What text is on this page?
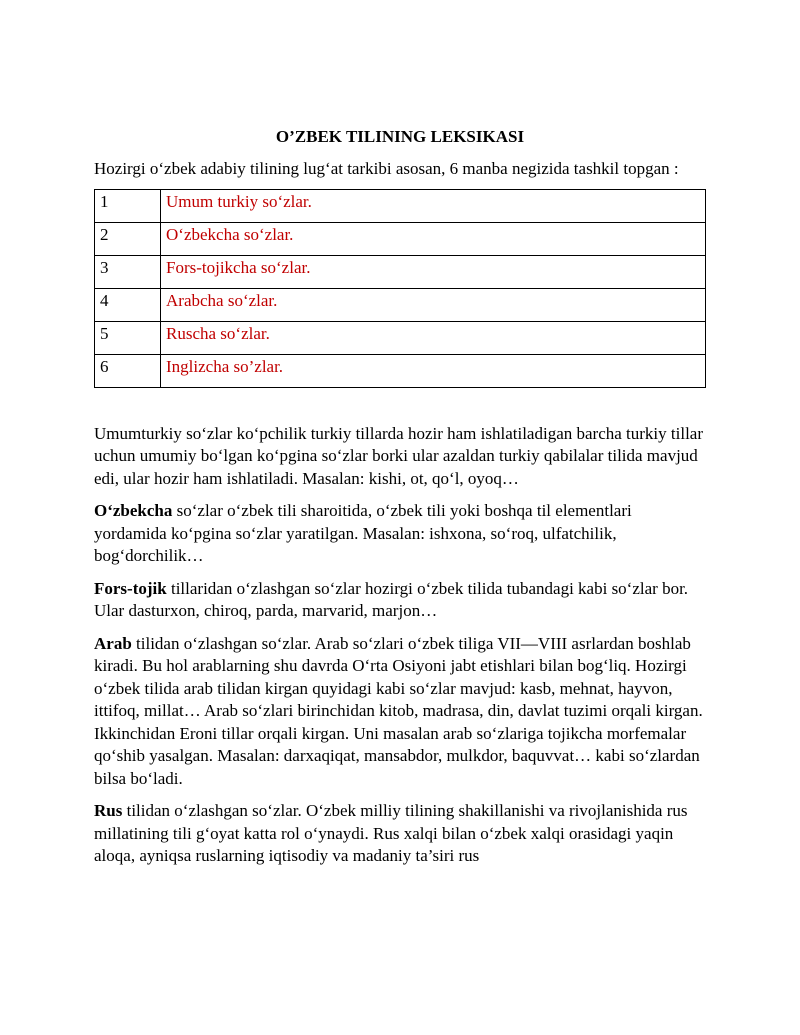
O’ZBEK TILINING LEKSIKASI

Hozirgi o‘zbek adabiy tilining lug‘at tarkibi asosan, 6 manba negizida tashkil topgan :

1	Umum turkiy so‘zlar.
2	O‘zbekcha so‘zlar.
3	Fors-tojikcha so‘zlar.
4	Arabcha so‘zlar.
5	Ruscha so‘zlar.
6	Inglizcha so’zlar.

Umumturkiy so‘zlar ko‘pchilik turkiy tillarda hozir ham ishlatiladigan barcha turkiy tillar uchun umumiy bo‘lgan ko‘pgina so‘zlar borki ular azaldan turkiy qabilalar tilida mavjud edi, ular hozir ham ishlatiladi. Masalan: kishi, ot, qo‘l, oyoq…

O‘zbekcha so‘zlar o‘zbek tili sharoitida, o‘zbek tili yoki boshqa til elementlari yordamida ko‘pgina so‘zlar yaratilgan. Masalan: ishxona, so‘roq, ulfatchilik, bog‘dorchilik…

Fors-tojik tillaridan o‘zlashgan so‘zlar hozirgi o‘zbek tilida tubandagi kabi so‘zlar bor. Ular dasturxon, chiroq, parda, marvarid, marjon…

Arab tilidan o‘zlashgan so‘zlar. Arab so‘zlari o‘zbek tiliga VII—VIII asrlardan boshlab kiradi. Bu hol arablarning shu davrda O‘rta Osiyoni jabt etishlari bilan bog‘liq. Hozirgi o‘zbek tilida arab tilidan kirgan quyidagi kabi so‘zlar mavjud: kasb, mehnat, hayvon, ittifoq, millat… Arab so‘zlari birinchidan kitob, madrasa, din, davlat tuzimi orqali kirgan. Ikkinchidan Eroni tillar orqali kirgan. Uni masalan arab so‘zlariga tojikcha morfemalar qo‘shib yasalgan. Masalan: darxaqiqat, mansabdor, mulkdor, baquvvat… kabi so‘zlardan bilsa bo‘ladi.

Rus tilidan o‘zlashgan so‘zlar. O‘zbek milliy tilining shakillanishi va rivojlanishida rus millatining tili g‘oyat katta rol o‘ynaydi. Rus xalqi bilan o‘zbek xalqi orasidagi yaqin aloqa, ayniqsa ruslarning iqtisodiy va madaniy ta’siri rus
